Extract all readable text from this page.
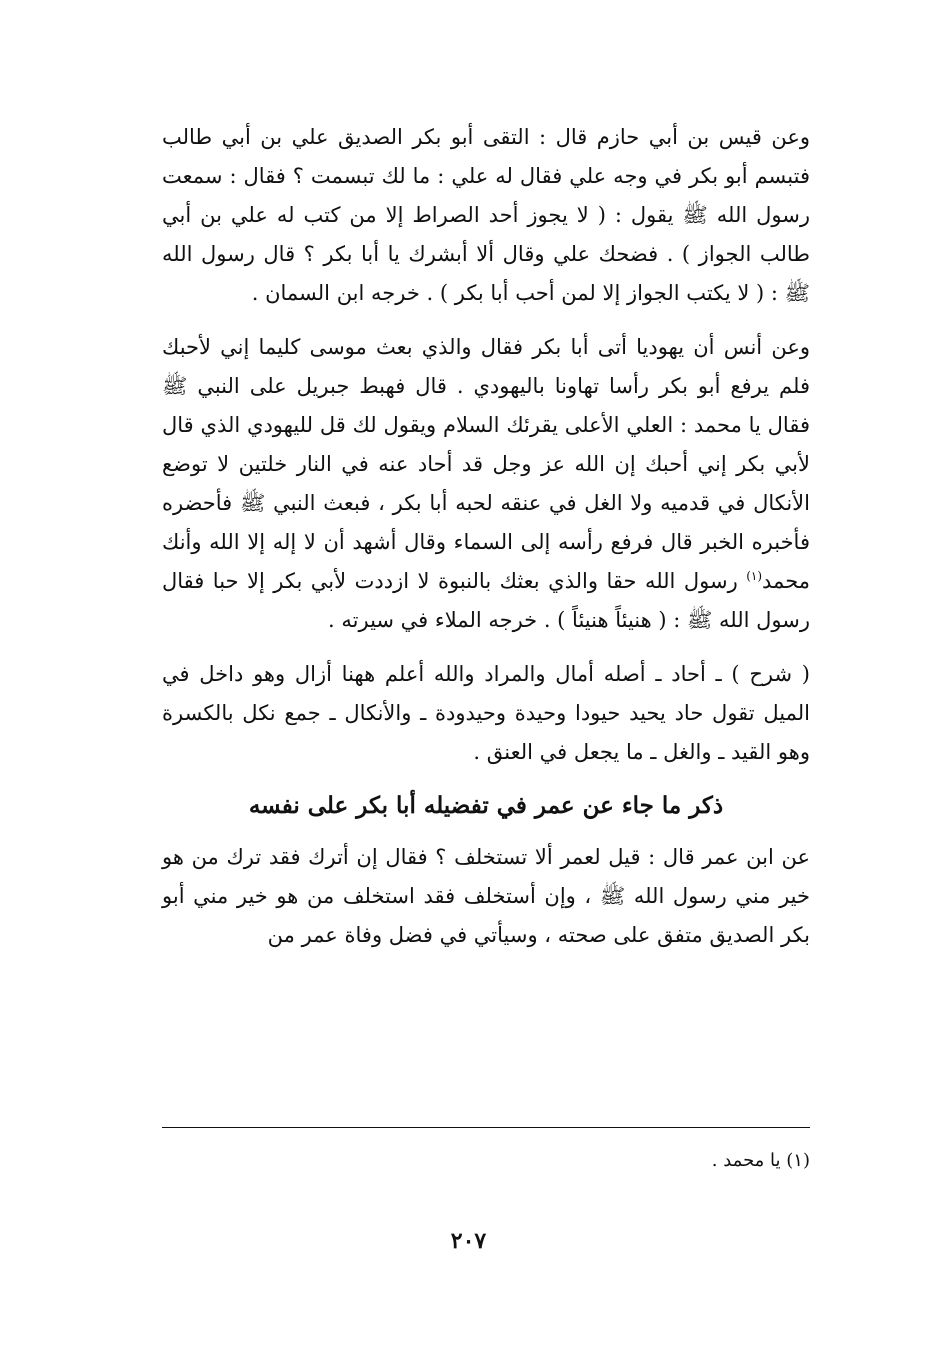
وعن قيس بن أبي حازم قال : التقى أبو بكر الصديق علي بن أبي طالب فتبسم أبو بكر في وجه علي فقال له علي : ما لك تبسمت ؟ فقال : سمعت رسول الله ﷺ يقول : ( لا يجوز أحد الصراط إلا من كتب له علي بن أبي طالب الجواز ) . فضحك علي وقال ألا أبشرك يا أبا بكر ؟ قال رسول الله ﷺ : ( لا يكتب الجواز إلا لمن أحب أبا بكر ) . خرجه ابن السمان .

وعن أنس أن يهوديا أتى أبا بكر فقال والذي بعث موسى كليما إني لأحبك فلم يرفع أبو بكر رأسا تهاونا باليهودي . قال فهبط جبريل على النبي ﷺ فقال يا محمد : العلي الأعلى يقرئك السلام ويقول لك قل لليهودي الذي قال لأبي بكر إني أحبك إن الله عز وجل قد أحاد عنه في النار خلتين لا توضع الأنكال في قدميه ولا الغل في عنقه لحبه أبا بكر ، فبعث النبي ﷺ فأحضره فأخبره الخبر قال فرفع رأسه إلى السماء وقال أشهد أن لا إله إلا الله وأنك محمد$^{(١)}$ رسول الله حقا والذي بعثك بالنبوة لا ازددت لأبي بكر إلا حبا فقال رسول الله ﷺ : ( هنيئاً هنيئاً ) . خرجه الملاء في سيرته .

( شرح ) ـ أحاد ـ أصله أمال والمراد والله أعلم ههنا أزال وهو داخل في الميل تقول حاد يحيد حيودا وحيدة وحيدودة ـ والأنكال ـ جمع نكل بالكسرة وهو القيد ـ والغل ـ ما يجعل في العنق .

ذكر ما جاء عن عمر في تفضيله أبا بكر على نفسه

عن ابن عمر قال : قيل لعمر ألا تستخلف ؟ فقال إن أترك فقد ترك من هو خير مني رسول الله ﷺ ، وإن أستخلف فقد استخلف من هو خير مني أبو بكر الصديق متفق على صحته ، وسيأتي في فضل وفاة عمر من

(١) يا محمد .
٢٠٧
